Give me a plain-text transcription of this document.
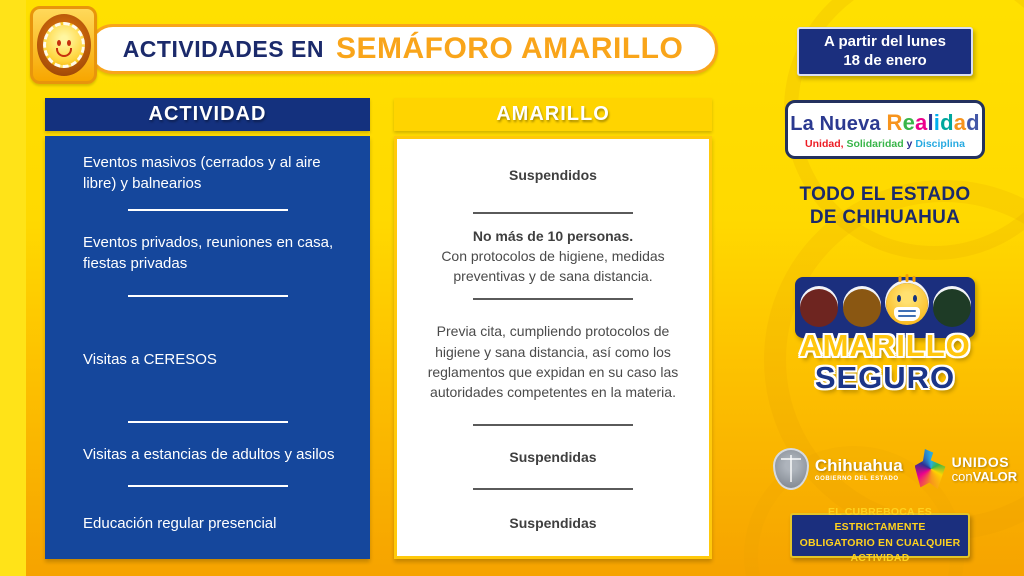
ACTIVIDADES EN SEMÁFORO AMARILLO	A partir del lunes
18 de enero
ACTIVIDAD
Eventos masivos (cerrados y al aire libre) y balnearios
Eventos privados, reuniones en casa, fiestas privadas
Visitas a CERESOS
Visitas a estancias de adultos y asilos
Educación regular presencial
AMARILLO
Suspendidos
No más de 10 personas.
Con protocolos de higiene, medidas preventivas y de sana distancia.
Previa cita, cumpliendo protocolos de higiene y sana distancia, así como los reglamentos que expidan en su caso las autoridades competentes en la materia.
Suspendidas
Suspendidas
La Nueva Realidad
Unidad, Solidaridad y Disciplina
TODO EL ESTADO
DE CHIHUAHUA
AMARILLO
SEGURO
Chihuahua
GOBIERNO DEL ESTADO
UNIDOS
conVALOR
EL CUBREBOCA ES ESTRICTAMENTE
OBLIGATORIO EN CUALQUIER ACTIVIDAD
